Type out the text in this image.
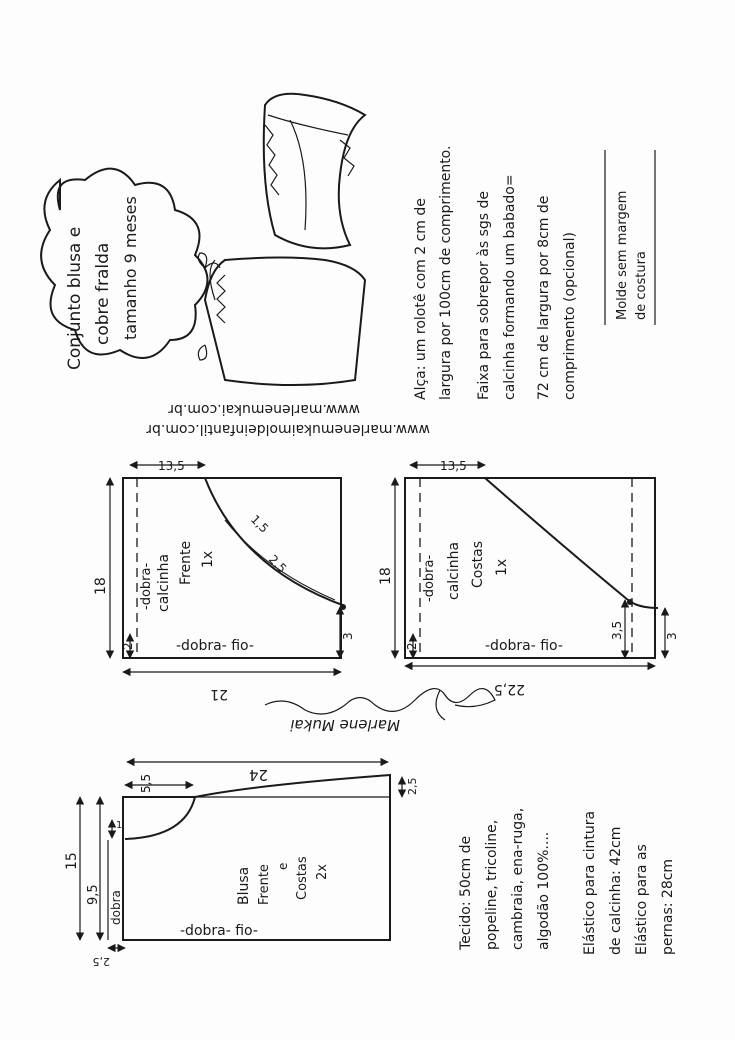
Conjunto blusa e cobre fralda tamanho 9 meses
www.marlenemukai.com.br
www.marlenemukaimoldeinfantil.com.br
Alça: um rolotê com 2 cm de largura por 100cm de comprimento. Faixa para sobrepor às sgs de calcinha formando um babado= 72 cm de largura por 8cm de comprimento (opcional)	Molde sem margem de costura
13,5
18
21
2
3
-dobra- calcinha Frente 1x
-dobra- fio-
1,5
2,5
13,5
18
22,5
2
3
3,5
-dobra- calcinha Costas 1x
-dobra- fio-
Marlene Mukai
24
5,5
15
9,5
2,5
2,5
1
dobra
-dobra- fio-
Blusa Frente e Costas 2x	Tecido: 50cm de popeline, tricoline, cambraia, ena-ruga, algodão 100%.... Elástico para cintura de calcinha: 42cm Elástico para as pernas: 28cm
